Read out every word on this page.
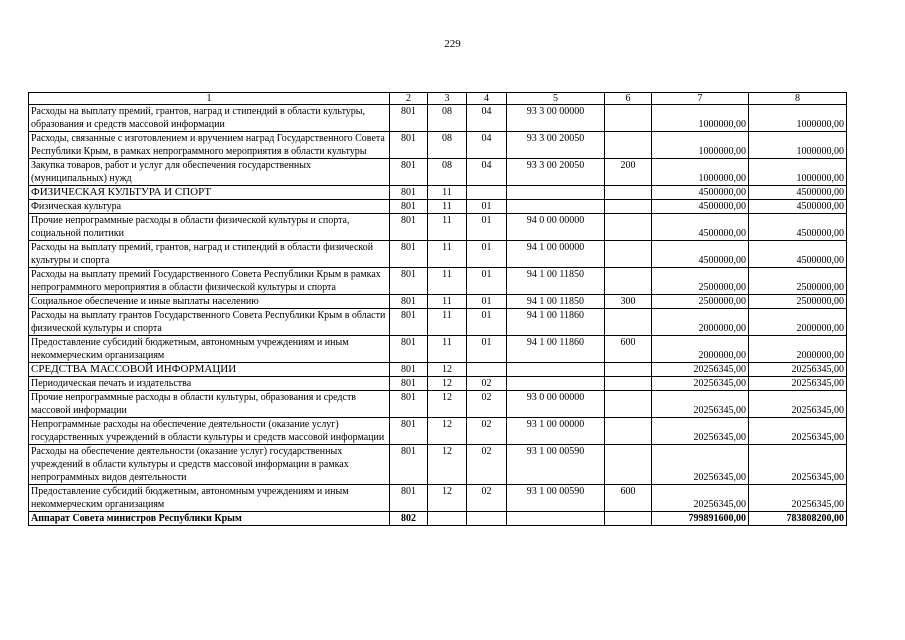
229
1	2	3	4	5	6	7	8
Расходы на выплату премий, грантов, наград и стипендий в области культуры, образования и средств массовой информации	801	08	04	93 3 00 00000		1000000,00	1000000,00
Расходы, связанные с изготовлением и вручением наград Государственного Совета Республики Крым, в рамках непрограммного мероприятия в области культуры	801	08	04	93 3 00 20050		1000000,00	1000000,00
Закупка товаров, работ и услуг для обеспечения государственных (муниципальных) нужд	801	08	04	93 3 00 20050	200	1000000,00	1000000,00
ФИЗИЧЕСКАЯ КУЛЬТУРА И СПОРТ	801	11				4500000,00	4500000,00
Физическая культура	801	11	01			4500000,00	4500000,00
Прочие непрограммные расходы в области физической культуры и спорта, социальной политики	801	11	01	94 0 00 00000		4500000,00	4500000,00
Расходы на выплату премий, грантов, наград и стипендий в области физической культуры и спорта	801	11	01	94 1 00 00000		4500000,00	4500000,00
Расходы на выплату премий Государственного Совета Республики Крым в рамках непрограммного мероприятия в области физической культуры и спорта	801	11	01	94 1 00 11850		2500000,00	2500000,00
Социальное обеспечение и иные выплаты населению	801	11	01	94 1 00 11850	300	2500000,00	2500000,00
Расходы на выплату грантов Государственного Совета Республики Крым в области физической культуры и спорта	801	11	01	94 1 00 11860		2000000,00	2000000,00
Предоставление субсидий бюджетным, автономным учреждениям и иным некоммерческим организациям	801	11	01	94 1 00 11860	600	2000000,00	2000000,00
СРЕДСТВА МАССОВОЙ ИНФОРМАЦИИ	801	12				20256345,00	20256345,00
Периодическая печать и издательства	801	12	02			20256345,00	20256345,00
Прочие непрограммные расходы в области культуры, образования и средств массовой информации	801	12	02	93 0 00 00000		20256345,00	20256345,00
Непрограммные расходы на обеспечение деятельности (оказание услуг) государственных учреждений в области культуры и средств массовой информации	801	12	02	93 1 00 00000		20256345,00	20256345,00
Расходы на обеспечение деятельности (оказание услуг) государственных учреждений в области культуры и средств массовой информации в рамках непрограммных видов деятельности	801	12	02	93 1 00 00590		20256345,00	20256345,00
Предоставление субсидий бюджетным, автономным учреждениям и иным некоммерческим организациям	801	12	02	93 1 00 00590	600	20256345,00	20256345,00
Аппарат Совета министров Республики Крым	802					799891600,00	783808200,00
